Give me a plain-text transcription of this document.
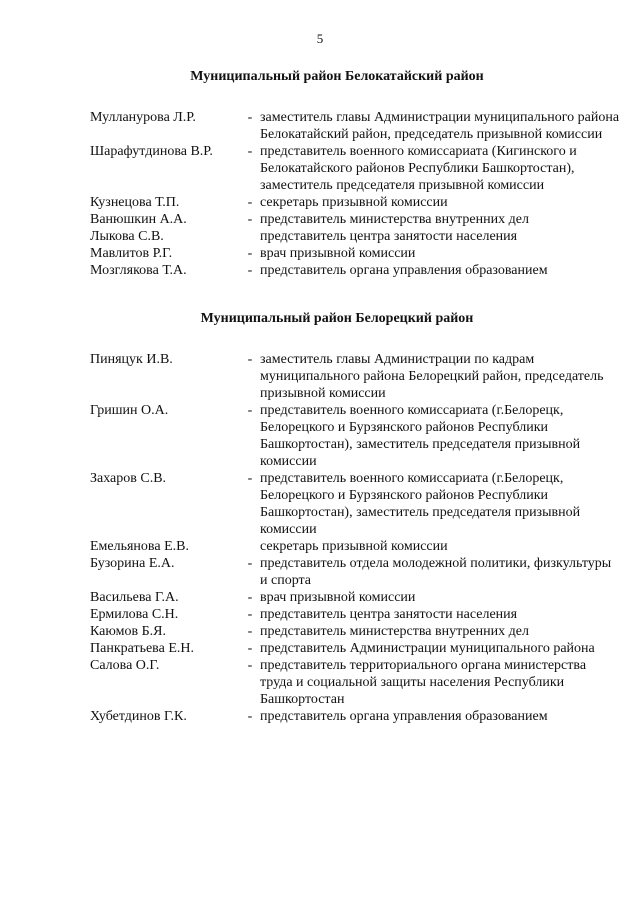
5
Муниципальный район Белокатайский район
Мулланурова Л.Р.	- заместитель главы Администрации муниципального района Белокатайский район, председатель призывной комиссии
Шарафутдинова В.Р.	- представитель военного комиссариата (Кигинского и Белокатайского районов Республики Башкортостан), заместитель председателя призывной комиссии
Кузнецова Т.П.	- секретарь призывной комиссии
Ванюшкин А.А.	- представитель министерства внутренних дел
Лыкова С.В.	представитель центра занятости населения
Мавлитов Р.Г.	- врач призывной комиссии
Мозглякова Т.А.	- представитель органа управления образованием
Муниципальный район Белорецкий район
Пиняцук И.В.	- заместитель главы Администрации по кадрам муниципального района Белорецкий район, председатель призывной комиссии
Гришин О.А.	- представитель военного комиссариата (г.Белорецк, Белорецкого и Бурзянского районов Республики Башкортостан), заместитель председателя призывной комиссии
Захаров С.В.	- представитель военного комиссариата (г.Белорецк, Белорецкого и Бурзянского районов Республики Башкортостан), заместитель председателя призывной комиссии
Емельянова Е.В.	секретарь призывной комиссии
Бузорина Е.А.	- представитель отдела молодежной политики, физкультуры и спорта
Васильева Г.А.	- врач призывной комиссии
Ермилова С.Н.	- представитель центра занятости населения
Каюмов Б.Я.	- представитель министерства внутренних дел
Панкратьева Е.Н.	- представитель Администрации муниципального района
Салова О.Г.	- представитель территориального органа министерства труда и социальной защиты населения Республики Башкортостан
Хубетдинов Г.К.	- представитель органа управления образованием
